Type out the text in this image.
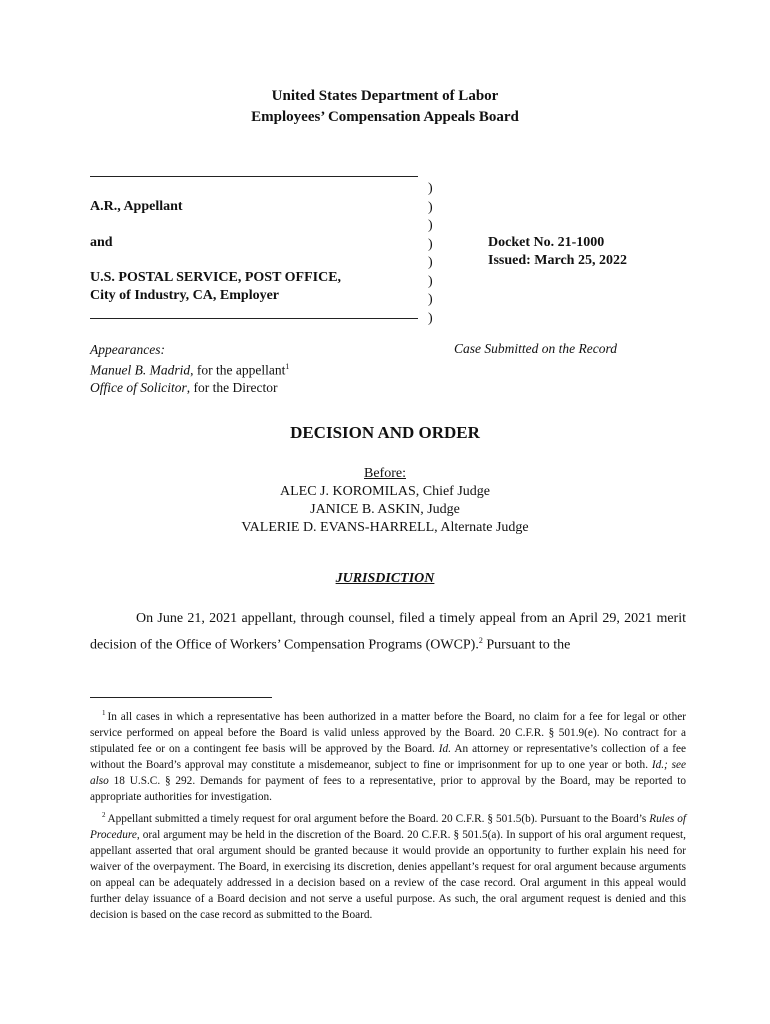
United States Department of Labor
Employees’ Compensation Appeals Board
A.R., Appellant
and
U.S. POSTAL SERVICE, POST OFFICE,
City of Industry, CA, Employer
)
)
)
)
)
)
)
)
Docket No. 21-1000
Issued: March 25, 2022
Appearances:
Manuel B. Madrid, for the appellant$^1$
Office of Solicitor, for the Director
Case Submitted on the Record
DECISION AND ORDER
Before:
ALEC J. KOROMILAS, Chief Judge
JANICE B. ASKIN, Judge
VALERIE D. EVANS-HARRELL, Alternate Judge
JURISDICTION
On June 21, 2021 appellant, through counsel, filed a timely appeal from an April 29, 2021 merit decision of the Office of Workers’ Compensation Programs (OWCP).$^2$ Pursuant to the
$^1$ In all cases in which a representative has been authorized in a matter before the Board, no claim for a fee for legal or other service performed on appeal before the Board is valid unless approved by the Board. 20 C.F.R. § 501.9(e). No contract for a stipulated fee or on a contingent fee basis will be approved by the Board. Id. An attorney or representative’s collection of a fee without the Board’s approval may constitute a misdemeanor, subject to fine or imprisonment for up to one year or both. Id.; see also 18 U.S.C. § 292. Demands for payment of fees to a representative, prior to approval by the Board, may be reported to appropriate authorities for investigation.
$^2$ Appellant submitted a timely request for oral argument before the Board. 20 C.F.R. § 501.5(b). Pursuant to the Board’s Rules of Procedure, oral argument may be held in the discretion of the Board. 20 C.F.R. § 501.5(a). In support of his oral argument request, appellant asserted that oral argument should be granted because it would provide an opportunity to further explain his need for waiver of the overpayment. The Board, in exercising its discretion, denies appellant’s request for oral argument because arguments on appeal can be adequately addressed in a decision based on a review of the case record. Oral argument in this appeal would further delay issuance of a Board decision and not serve a useful purpose. As such, the oral argument request is denied and this decision is based on the case record as submitted to the Board.
